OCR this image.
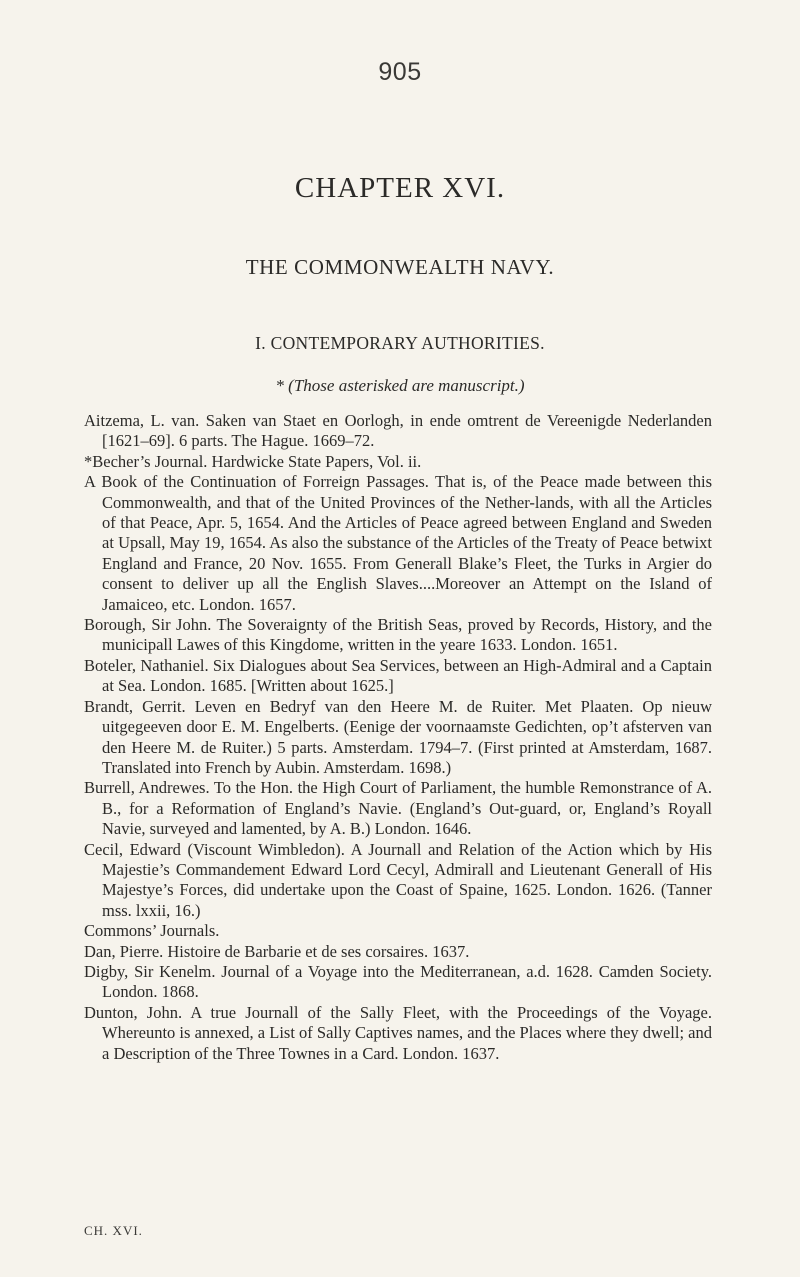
905
CHAPTER XVI.
THE COMMONWEALTH NAVY.
I. CONTEMPORARY AUTHORITIES.
* (Those asterisked are manuscript.)
Aitzema, L. van. Saken van Staet en Oorlogh, in ende omtrent de Vereenigde Nederlanden [1621–69]. 6 parts. The Hague. 1669–72.
*Becher’s Journal. Hardwicke State Papers, Vol. ii.
A Book of the Continuation of Forreign Passages. That is, of the Peace made between this Commonwealth, and that of the United Provinces of the Nether-lands, with all the Articles of that Peace, Apr. 5, 1654. And the Articles of Peace agreed between England and Sweden at Upsall, May 19, 1654. As also the substance of the Articles of the Treaty of Peace betwixt England and France, 20 Nov. 1655. From Generall Blake’s Fleet, the Turks in Argier do consent to deliver up all the English Slaves....Moreover an Attempt on the Island of Jamaiceo, etc. London. 1657.
Borough, Sir John. The Soveraignty of the British Seas, proved by Records, History, and the municipall Lawes of this Kingdome, written in the yeare 1633. London. 1651.
Boteler, Nathaniel. Six Dialogues about Sea Services, between an High-Admiral and a Captain at Sea. London. 1685. [Written about 1625.]
Brandt, Gerrit. Leven en Bedryf van den Heere M. de Ruiter. Met Plaaten. Op nieuw uitgegeeven door E. M. Engelberts. (Eenige der voornaamste Gedichten, op’t afsterven van den Heere M. de Ruiter.) 5 parts. Amsterdam. 1794–7. (First printed at Amsterdam, 1687. Translated into French by Aubin. Amsterdam. 1698.)
Burrell, Andrewes. To the Hon. the High Court of Parliament, the humble Remonstrance of A. B., for a Reformation of England’s Navie. (England’s Out-guard, or, England’s Royall Navie, surveyed and lamented, by A. B.) London. 1646.
Cecil, Edward (Viscount Wimbledon). A Journall and Relation of the Action which by His Majestie’s Commandement Edward Lord Cecyl, Admirall and Lieutenant Generall of His Majestye’s Forces, did undertake upon the Coast of Spaine, 1625. London. 1626. (Tanner mss. lxxii, 16.)
Commons’ Journals.
Dan, Pierre. Histoire de Barbarie et de ses corsaires. 1637.
Digby, Sir Kenelm. Journal of a Voyage into the Mediterranean, a.d. 1628. Camden Society. London. 1868.
Dunton, John. A true Journall of the Sally Fleet, with the Proceedings of the Voyage. Whereunto is annexed, a List of Sally Captives names, and the Places where they dwell; and a Description of the Three Townes in a Card. London. 1637.
CH. XVI.
